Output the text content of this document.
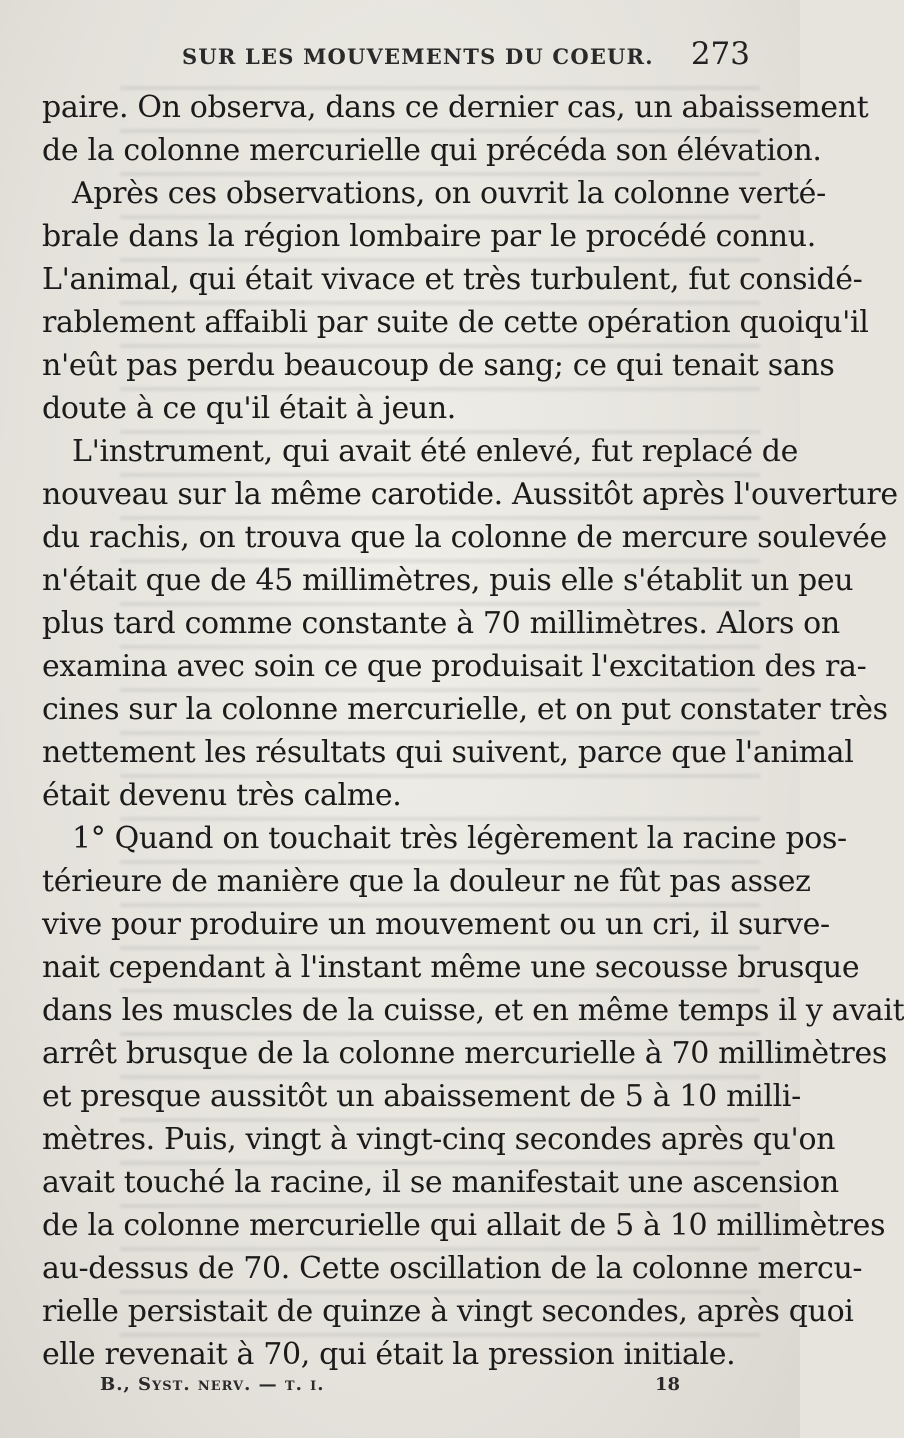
SUR LES MOUVEMENTS DU COEUR. 273
paire. On observa, dans ce dernier cas, un abaissement
de la colonne mercurielle qui précéda son élévation.
Après ces observations, on ouvrit la colonne verté-
brale dans la région lombaire par le procédé connu.
L'animal, qui était vivace et très turbulent, fut considé-
rablement affaibli par suite de cette opération quoiqu'il
n'eût pas perdu beaucoup de sang; ce qui tenait sans
doute à ce qu'il était à jeun.
L'instrument, qui avait été enlevé, fut replacé de
nouveau sur la même carotide. Aussitôt après l'ouverture
du rachis, on trouva que la colonne de mercure soulevée
n'était que de 45 millimètres, puis elle s'établit un peu
plus tard comme constante à 70 millimètres. Alors on
examina avec soin ce que produisait l'excitation des ra-
cines sur la colonne mercurielle, et on put constater très
nettement les résultats qui suivent, parce que l'animal
était devenu très calme.
1° Quand on touchait très légèrement la racine pos-
térieure de manière que la douleur ne fût pas assez
vive pour produire un mouvement ou un cri, il surve-
nait cependant à l'instant même une secousse brusque
dans les muscles de la cuisse, et en même temps il y avait
arrêt brusque de la colonne mercurielle à 70 millimètres
et presque aussitôt un abaissement de 5 à 10 milli-
mètres. Puis, vingt à vingt-cinq secondes après qu'on
avait touché la racine, il se manifestait une ascension
de la colonne mercurielle qui allait de 5 à 10 millimètres
au-dessus de 70. Cette oscillation de la colonne mercu-
rielle persistait de quinze à vingt secondes, après quoi
elle revenait à 70, qui était la pression initiale.
B., Syst. nerv. — t. i.	18
